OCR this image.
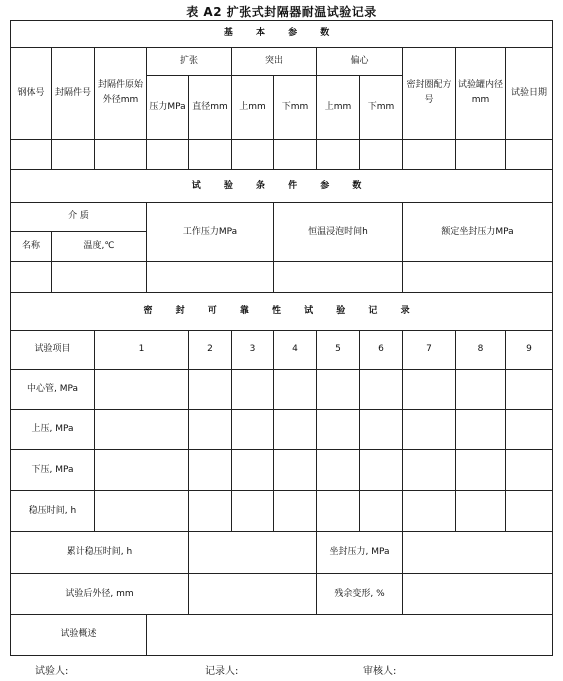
表 A2 扩张式封隔器耐温试验记录
基 本 参 数											
钢体号	封隔件号	封隔件原始外径mm	扩张		突出		偏心		密封圈配方号	试验罐内径mm	试验日期
			压力MPa	直径mm	上mm	下mm	上mm	下mm			

试 验 条 件 参 数											
介 质			工作压力MPa			恒温浸泡时间h			额定坐封压力MPa		
名称	温度,℃										

密 封 可 靠 性 试 验 记 录											
试验项目		1		2	3	4	5	6	7	8	9
中心管, MPa											
上压, MPa											
下压, MPa											
稳压时间, h											
累计稳压时间, h							坐封压力, MPa				
试验后外径, mm							残余变形, %				
试验概述											
试验人:	记录人:	审核人:
